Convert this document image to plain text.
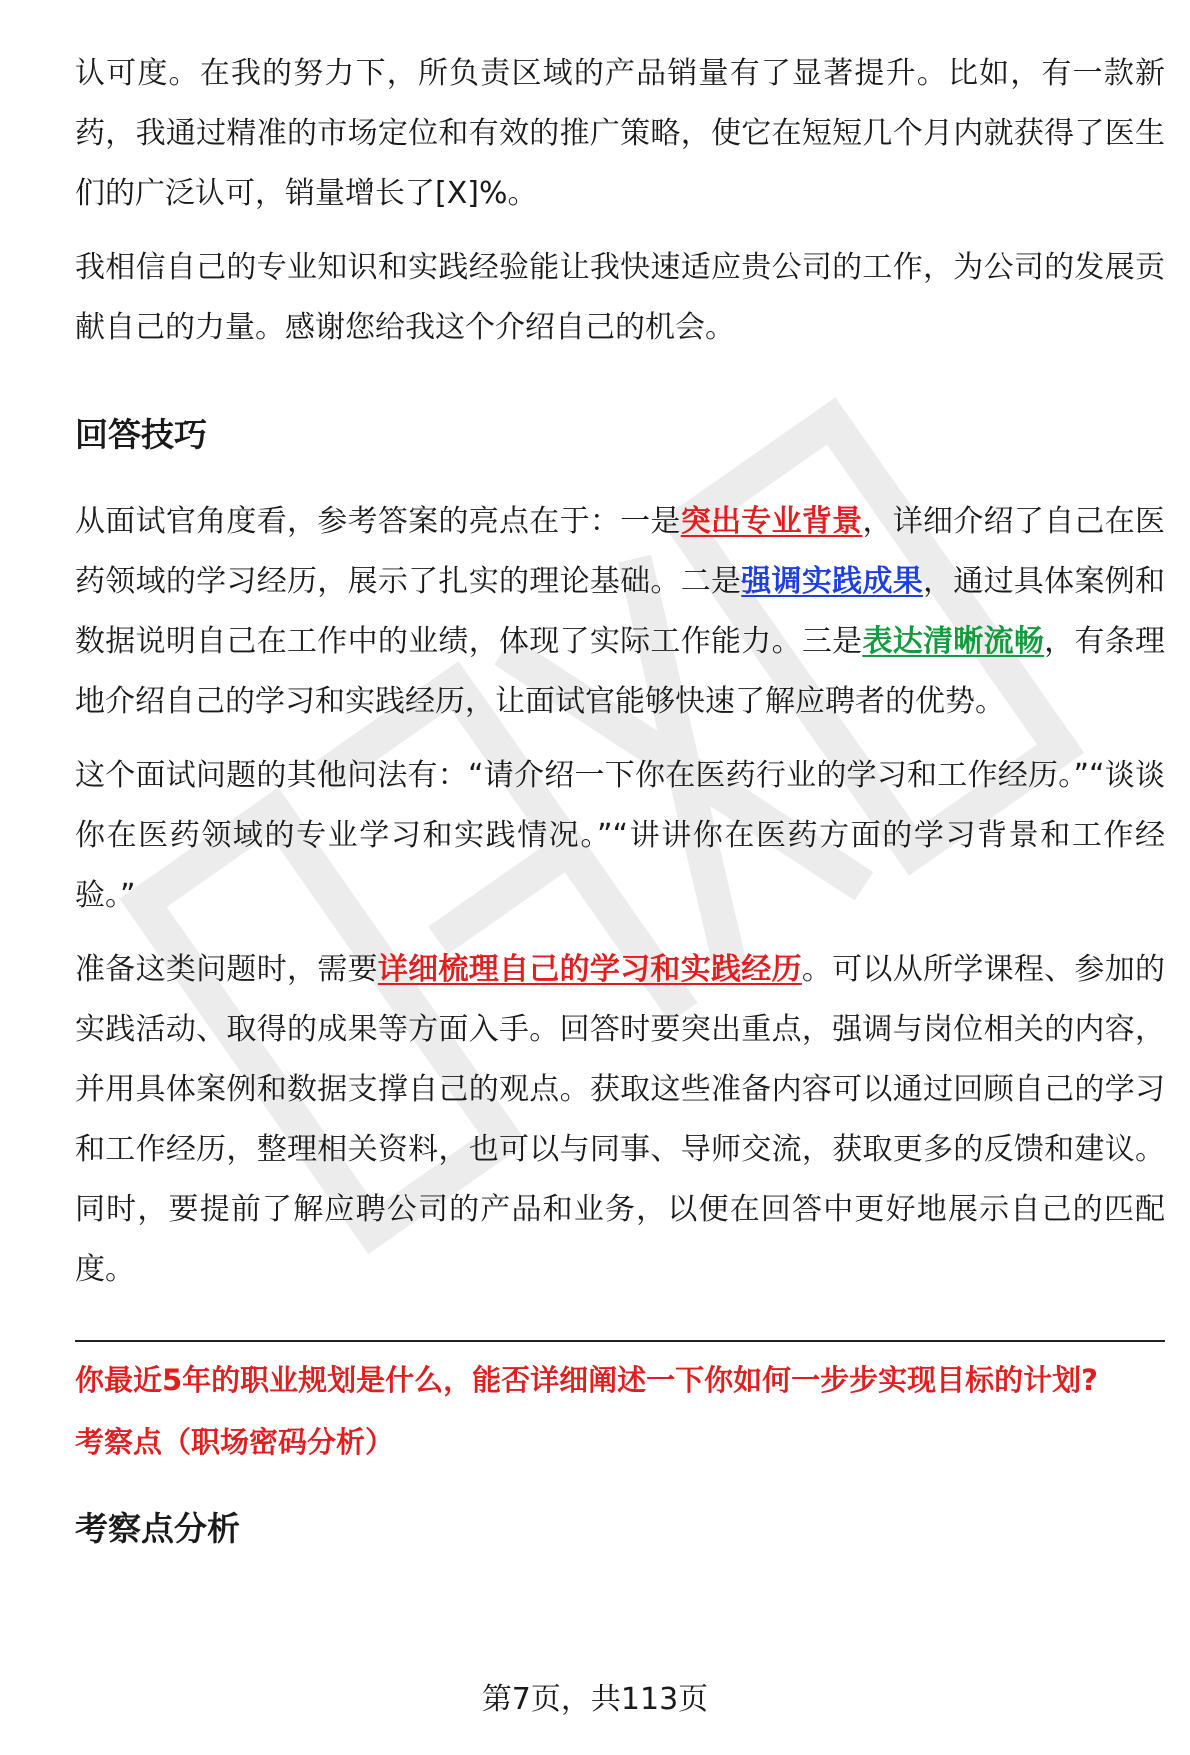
认可度。在我的努力下，所负责区域的产品销量有了显著提升。比如，有一款新药，我通过精准的市场定位和有效的推广策略，使它在短短几个月内就获得了医生们的广泛认可，销量增长了[X]%。

我相信自己的专业知识和实践经验能让我快速适应贵公司的工作，为公司的发展贡献自己的力量。感谢您给我这个介绍自己的机会。

回答技巧

从面试官角度看，参考答案的亮点在于：一是突出专业背景，详细介绍了自己在医药领域的学习经历，展示了扎实的理论基础。二是强调实践成果，通过具体案例和数据说明自己在工作中的业绩，体现了实际工作能力。三是表达清晰流畅，有条理地介绍自己的学习和实践经历，让面试官能够快速了解应聘者的优势。

这个面试问题的其他问法有：“请介绍一下你在医药行业的学习和工作经历。”“谈谈你在医药领域的专业学习和实践情况。”“讲讲你在医药方面的学习背景和工作经验。”

准备这类问题时，需要详细梳理自己的学习和实践经历。可以从所学课程、参加的实践活动、取得的成果等方面入手。回答时要突出重点，强调与岗位相关的内容，并用具体案例和数据支撑自己的观点。获取这些准备内容可以通过回顾自己的学习和工作经历，整理相关资料，也可以与同事、导师交流，获取更多的反馈和建议。同时，要提前了解应聘公司的产品和业务，以便在回答中更好地展示自己的匹配度。

你最近5年的职业规划是什么，能否详细阐述一下你如何一步步实现目标的计划?

考察点（职场密码分析）

考察点分析
第7页，共113页
